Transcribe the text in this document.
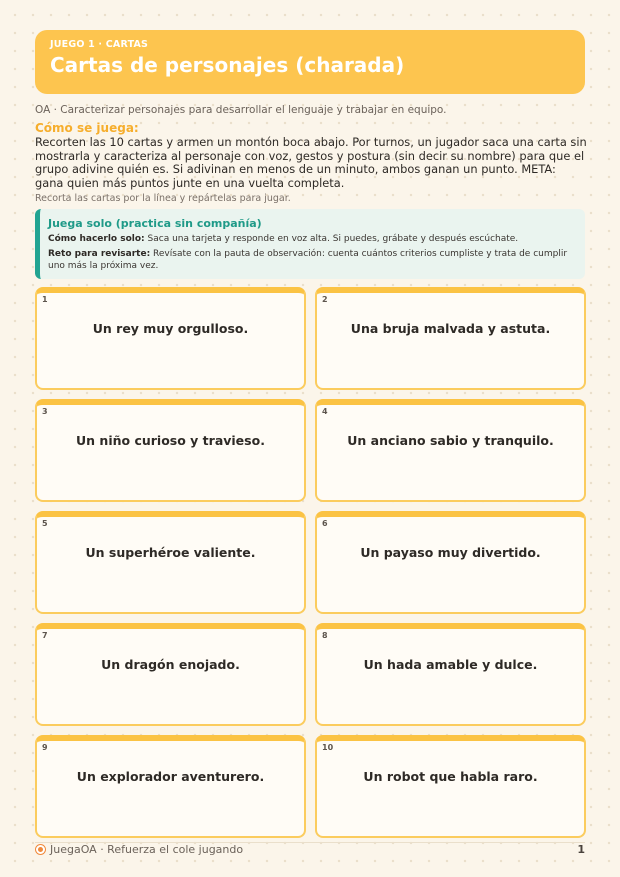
JUEGO 1 · CARTAS
Cartas de personajes (charada)
OA · Caracterizar personajes para desarrollar el lenguaje y trabajar en equipo.
Cómo se juega:
Recorten las 10 cartas y armen un montón boca abajo. Por turnos, un jugador saca una carta sin mostrarla y caracteriza al personaje con voz, gestos y postura (sin decir su nombre) para que el grupo adivine quién es. Si adivinan en menos de un minuto, ambos ganan un punto. META: gana quien más puntos junte en una vuelta completa.
Recorta las cartas por la línea y repártelas para jugar.
Juega solo (practica sin compañía)
Cómo hacerlo solo: Saca una tarjeta y responde en voz alta. Si puedes, grábate y después escúchate.
Reto para revisarte: Revísate con la pauta de observación: cuenta cuántos criterios cumpliste y trata de cumplir uno más la próxima vez.
1
Un rey muy orgulloso.
2
Una bruja malvada y astuta.
3
Un niño curioso y travieso.
4
Un anciano sabio y tranquilo.
5
Un superhéroe valiente.
6
Un payaso muy divertido.
7
Un dragón enojado.
8
Un hada amable y dulce.
9
Un explorador aventurero.
10
Un robot que habla raro.
JuegaOA · Refuerza el cole jugando	1
